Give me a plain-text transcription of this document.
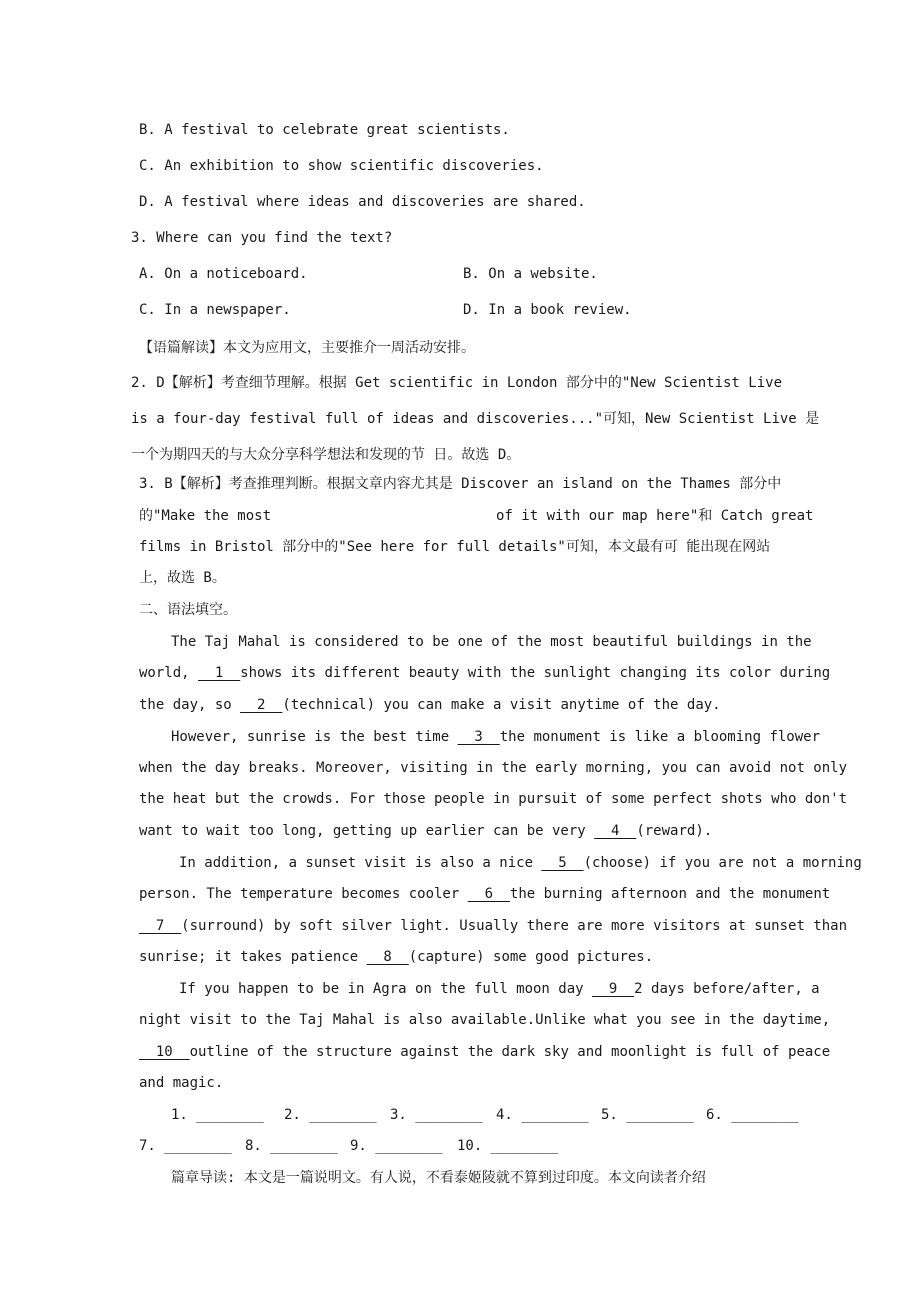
B. A festival to celebrate great scientists.
C. An exhibition to show scientific discoveries.
D. A festival where ideas and discoveries are shared.
3. Where can you find the text?
A. On a noticeboard.	B. On a website.
C. In a newspaper.	D. In a book review.
【语篇解读】本文为应用文，主要推介一周活动安排。
2. D【解析】考查细节理解。根据 Get scientific in London 部分中的"New Scientist Live
is a four-day festival full of ideas and discoveries..."可知，New Scientist Live 是
一个为期四天的与大众分享科学想法和发现的节 日。故选 D。
3. B【解析】考查推理判断。根据文章内容尤其是 Discover an island on the Thames 部分中
的"Make the most	of it with our map here"和 Catch great
films in Bristol 部分中的"See here for full details"可知，本文最有可 能出现在网站
上，故选 B。
二、语法填空。
The Taj Mahal is considered to be one of the most beautiful buildings in the
world, __1__shows its different beauty with the sunlight changing its color during
the day, so __2__(technical) you can make a visit anytime of the day.
However, sunrise is the best time __3__the monument is like a blooming flower
when the day breaks. Moreover, visiting in the early morning, you can avoid not only
the heat but the crowds. For those people in pursuit of some perfect shots who don't
want to wait too long, getting up earlier can be very __4__(reward).
In addition, a sunset visit is also a nice __5__(choose) if you are not a morning
person. The temperature becomes cooler __6__the burning afternoon and the monument
__7__(surround) by soft silver light. Usually there are more visitors at sunset than
sunrise; it takes patience __8__(capture) some good pictures.
If you happen to be in Agra on the full moon day __9__2 days before/after, a
night visit to the Taj Mahal is also available.Unlike what you see in the daytime,
__10__outline of the structure against the dark sky and moonlight is full of peace
and magic.
1. ________ 2. ________ 3. ________ 4. ________ 5. ________ 6. ________
7. ________ 8. ________ 9. ________ 10. ________
篇章导读: 本文是一篇说明文。有人说，不看泰姬陵就不算到过印度。本文向读者介绍
